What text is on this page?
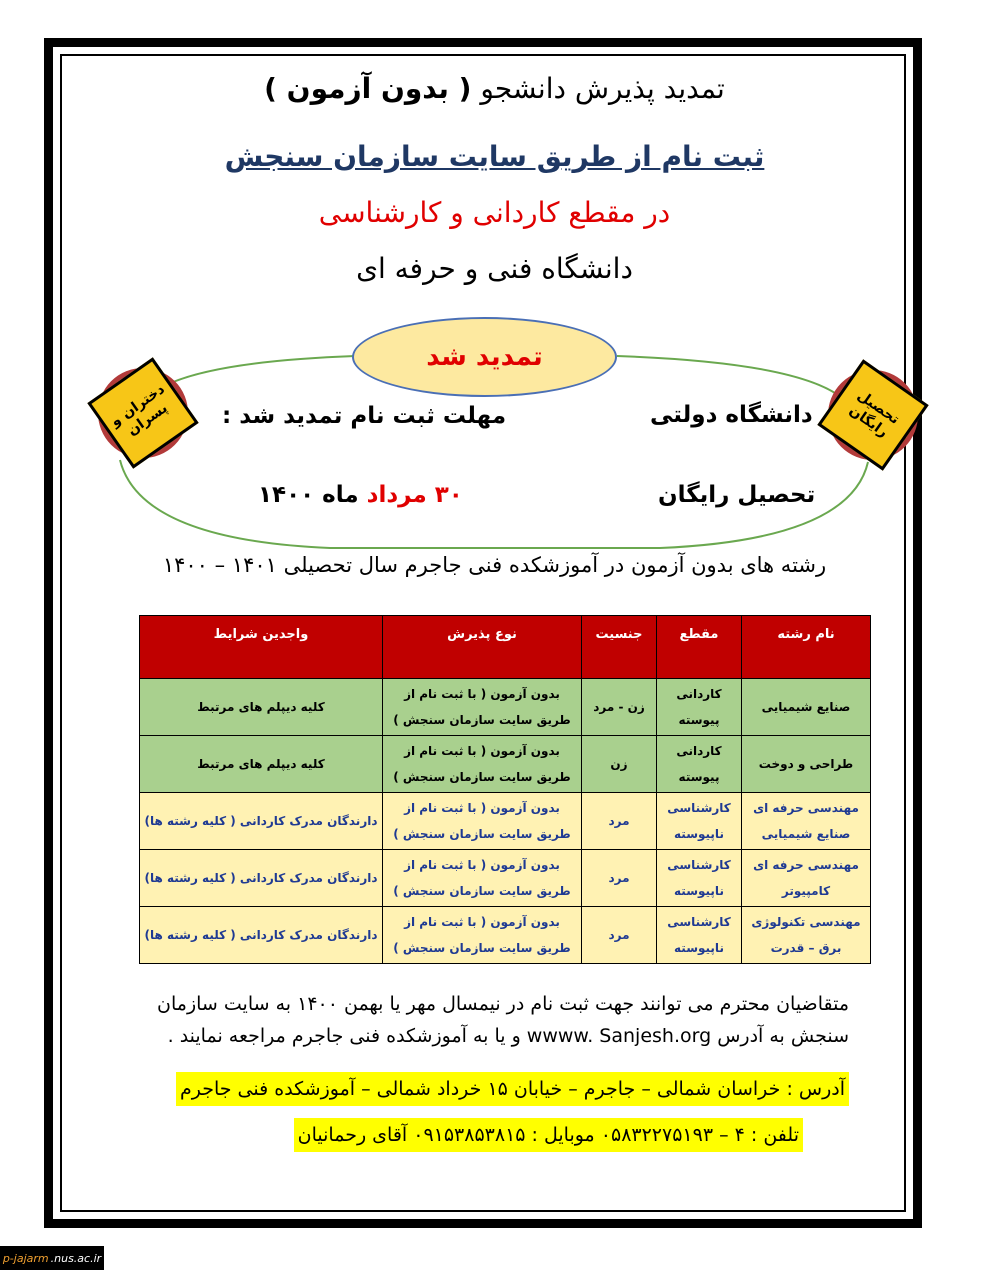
تمدید پذیرش دانشجو ( بدون آزمون )
ثبت نام از طریق سایت سازمان سنجش
در مقطع کاردانی و کارشناسی
دانشگاه فنی و حرفه ای
دختران و پسران	تحصیل رایگان
تمدید شد
دانشگاه دولتی
تحصیل رایگان
مهلت ثبت نام تمدید شد :
۳۰ مرداد ماه ۱۴۰۰
رشته های بدون آزمون در آموزشکده فنی جاجرم سال تحصیلی ۱۴۰۱ – ۱۴۰۰
نام رشته	مقطع	جنسیت	نوع پذیرش	واجدین شرایط
صنایع شیمیایی	کاردانی پیوسته	زن - مرد	بدون آزمون ( با ثبت نام از طریق سایت سازمان سنجش )	کلیه دیپلم های مرتبط
طراحی و دوخت	کاردانی پیوسته	زن	بدون آزمون ( با ثبت نام از طریق سایت سازمان سنجش )	کلیه دیپلم های مرتبط
مهندسی حرفه ای صنایع شیمیایی	کارشناسی ناپیوسته	مرد	بدون آزمون ( با ثبت نام از طریق سایت سازمان سنجش )	دارندگان مدرک کاردانی ( کلیه رشته ها)
مهندسی حرفه ای کامپیوتر	کارشناسی ناپیوسته	مرد	بدون آزمون ( با ثبت نام از طریق سایت سازمان سنجش )	دارندگان مدرک کاردانی ( کلیه رشته ها)
مهندسی تکنولوژی برق – قدرت	کارشناسی ناپیوسته	مرد	بدون آزمون ( با ثبت نام از طریق سایت سازمان سنجش )	دارندگان مدرک کاردانی ( کلیه رشته ها)
متقاضیان محترم می توانند جهت ثبت نام در نیمسال مهر یا بهمن ۱۴۰۰ به سایت سازمان سنجش به آدرس wwww. Sanjesh.org و یا به آموزشکده فنی جاجرم مراجعه نمایند .
آدرس : خراسان شمالی – جاجرم – خیابان ۱۵ خرداد شمالی – آموزشکده فنی جاجرم
تلفن : ۴ – ۰۵۸۳۲۲۷۵۱۹۳ موبایل : ۰۹۱۵۳۸۵۳۸۱۵ آقای رحمانیان
p-jajarm .nus.ac.ir
